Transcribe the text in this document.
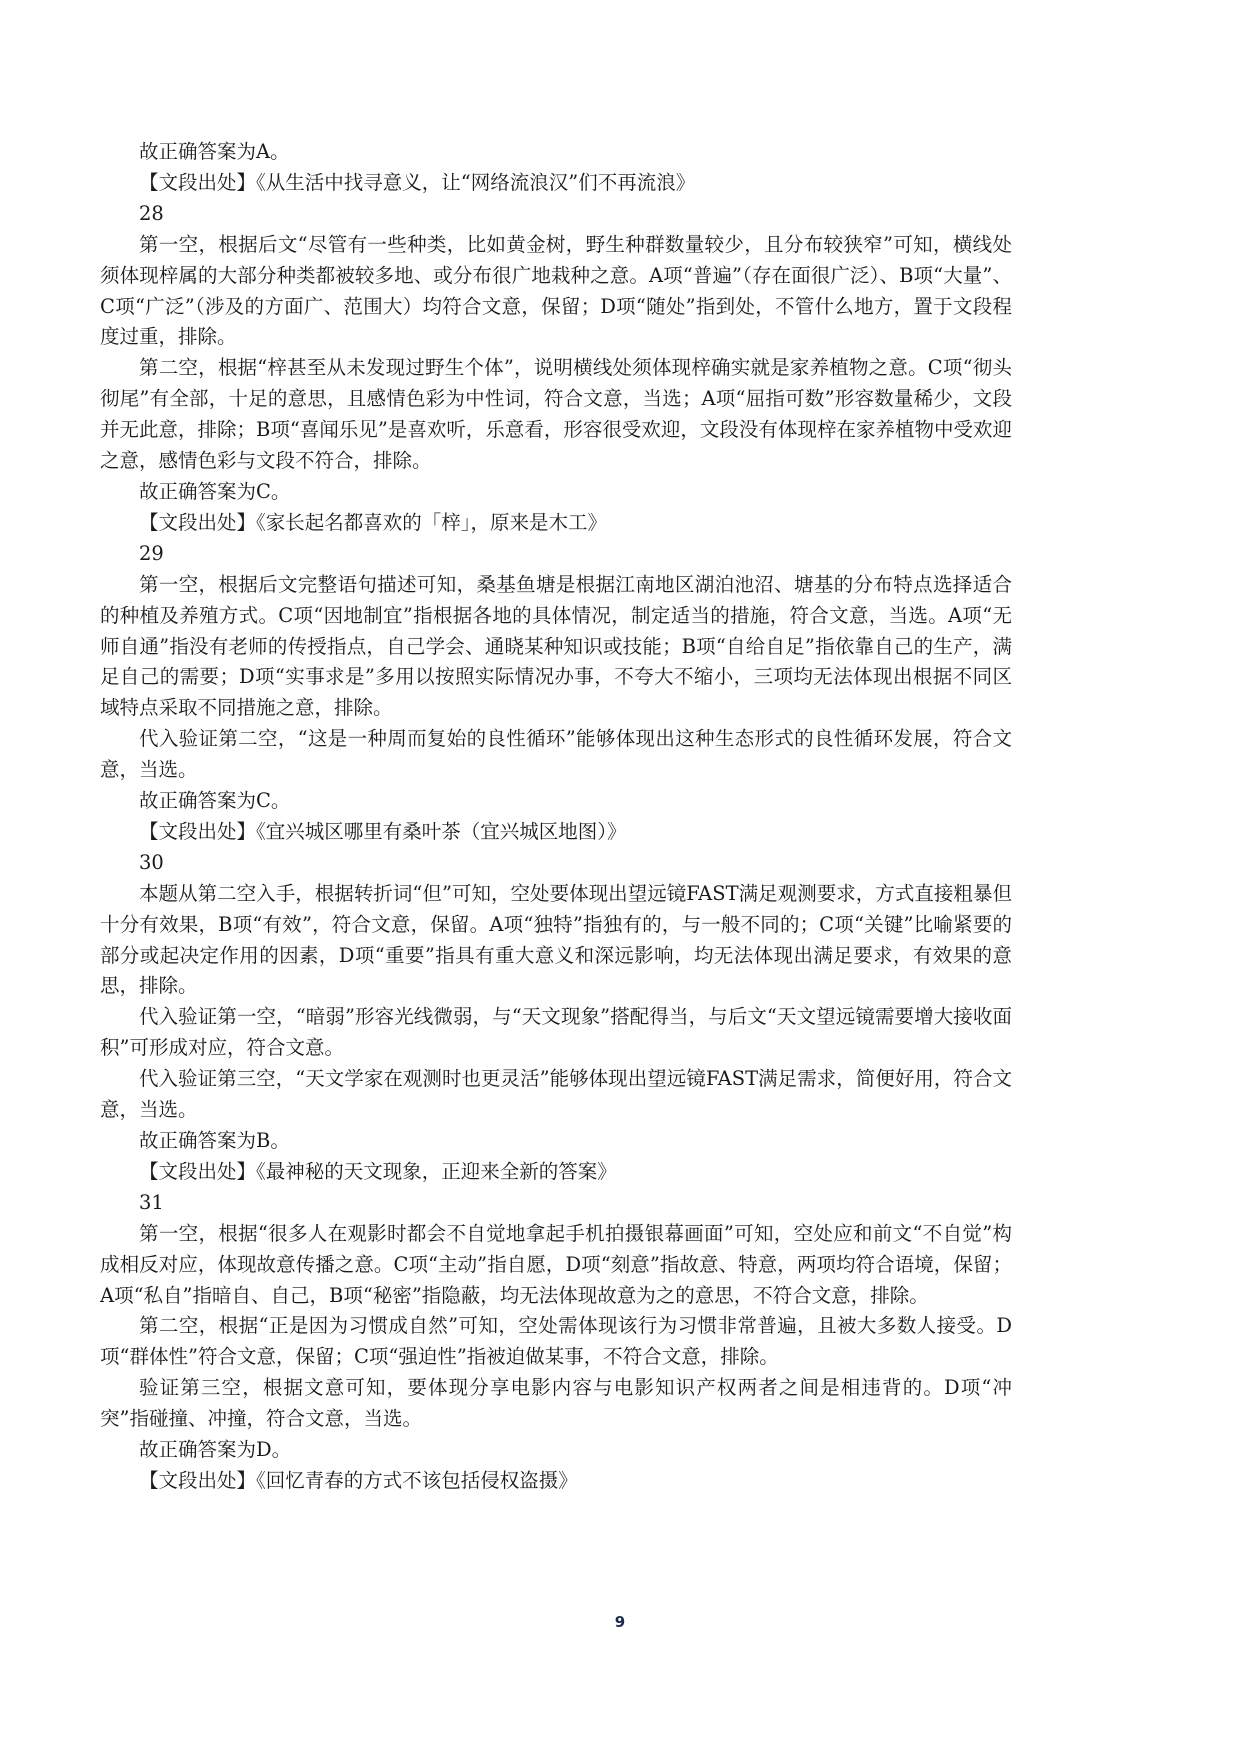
故正确答案为A。

【文段出处】《从生活中找寻意义，让“网络流浪汉”们不再流浪》

28

第一空，根据后文“尽管有一些种类，比如黄金树，野生种群数量较少，且分布较狭窄”可知，横线处须体现梓属的大部分种类都被较多地、或分布很广地栽种之意。A项“普遍”（存在面很广泛）、B项“大量”、C项“广泛”（涉及的方面广、范围大）均符合文意，保留；D项“随处”指到处，不管什么地方，置于文段程度过重，排除。

第二空，根据“梓甚至从未发现过野生个体”，说明横线处须体现梓确实就是家养植物之意。C项“彻头彻尾”有全部，十足的意思，且感情色彩为中性词，符合文意，当选；A项“屈指可数”形容数量稀少，文段并无此意，排除；B项“喜闻乐见”是喜欢听，乐意看，形容很受欢迎，文段没有体现梓在家养植物中受欢迎之意，感情色彩与文段不符合，排除。

故正确答案为C。

【文段出处】《家长起名都喜欢的「梓」，原来是木工》

29

第一空，根据后文完整语句描述可知，桑基鱼塘是根据江南地区湖泊池沼、塘基的分布特点选择适合的种植及养殖方式。C项“因地制宜”指根据各地的具体情况，制定适当的措施，符合文意，当选。A项“无师自通”指没有老师的传授指点，自己学会、通晓某种知识或技能；B项“自给自足”指依靠自己的生产，满足自己的需要；D项“实事求是”多用以按照实际情况办事，不夸大不缩小，三项均无法体现出根据不同区域特点采取不同措施之意，排除。

代入验证第二空，“这是一种周而复始的良性循环”能够体现出这种生态形式的良性循环发展，符合文意，当选。

故正确答案为C。

【文段出处】《宜兴城区哪里有桑叶茶（宜兴城区地图）》

30

本题从第二空入手，根据转折词“但”可知，空处要体现出望远镜FAST满足观测要求，方式直接粗暴但十分有效果，B项“有效”，符合文意，保留。A项“独特”指独有的，与一般不同的；C项“关键”比喻紧要的部分或起决定作用的因素，D项“重要”指具有重大意义和深远影响，均无法体现出满足要求，有效果的意思，排除。

代入验证第一空，“暗弱”形容光线微弱，与“天文现象”搭配得当，与后文“天文望远镜需要增大接收面积”可形成对应，符合文意。

代入验证第三空，“天文学家在观测时也更灵活”能够体现出望远镜FAST满足需求，简便好用，符合文意，当选。

故正确答案为B。

【文段出处】《最神秘的天文现象，正迎来全新的答案》

31

第一空，根据“很多人在观影时都会不自觉地拿起手机拍摄银幕画面”可知，空处应和前文“不自觉”构成相反对应，体现故意传播之意。C项“主动”指自愿，D项“刻意”指故意、特意，两项均符合语境，保留；A项“私自”指暗自、自己，B项“秘密”指隐蔽，均无法体现故意为之的意思，不符合文意，排除。

第二空，根据“正是因为习惯成自然”可知，空处需体现该行为习惯非常普遍，且被大多数人接受。D项“群体性”符合文意，保留；C项“强迫性”指被迫做某事，不符合文意，排除。

验证第三空，根据文意可知，要体现分享电影内容与电影知识产权两者之间是相违背的。D项“冲突”指碰撞、冲撞，符合文意，当选。

故正确答案为D。

【文段出处】《回忆青春的方式不该包括侵权盗摄》

9
